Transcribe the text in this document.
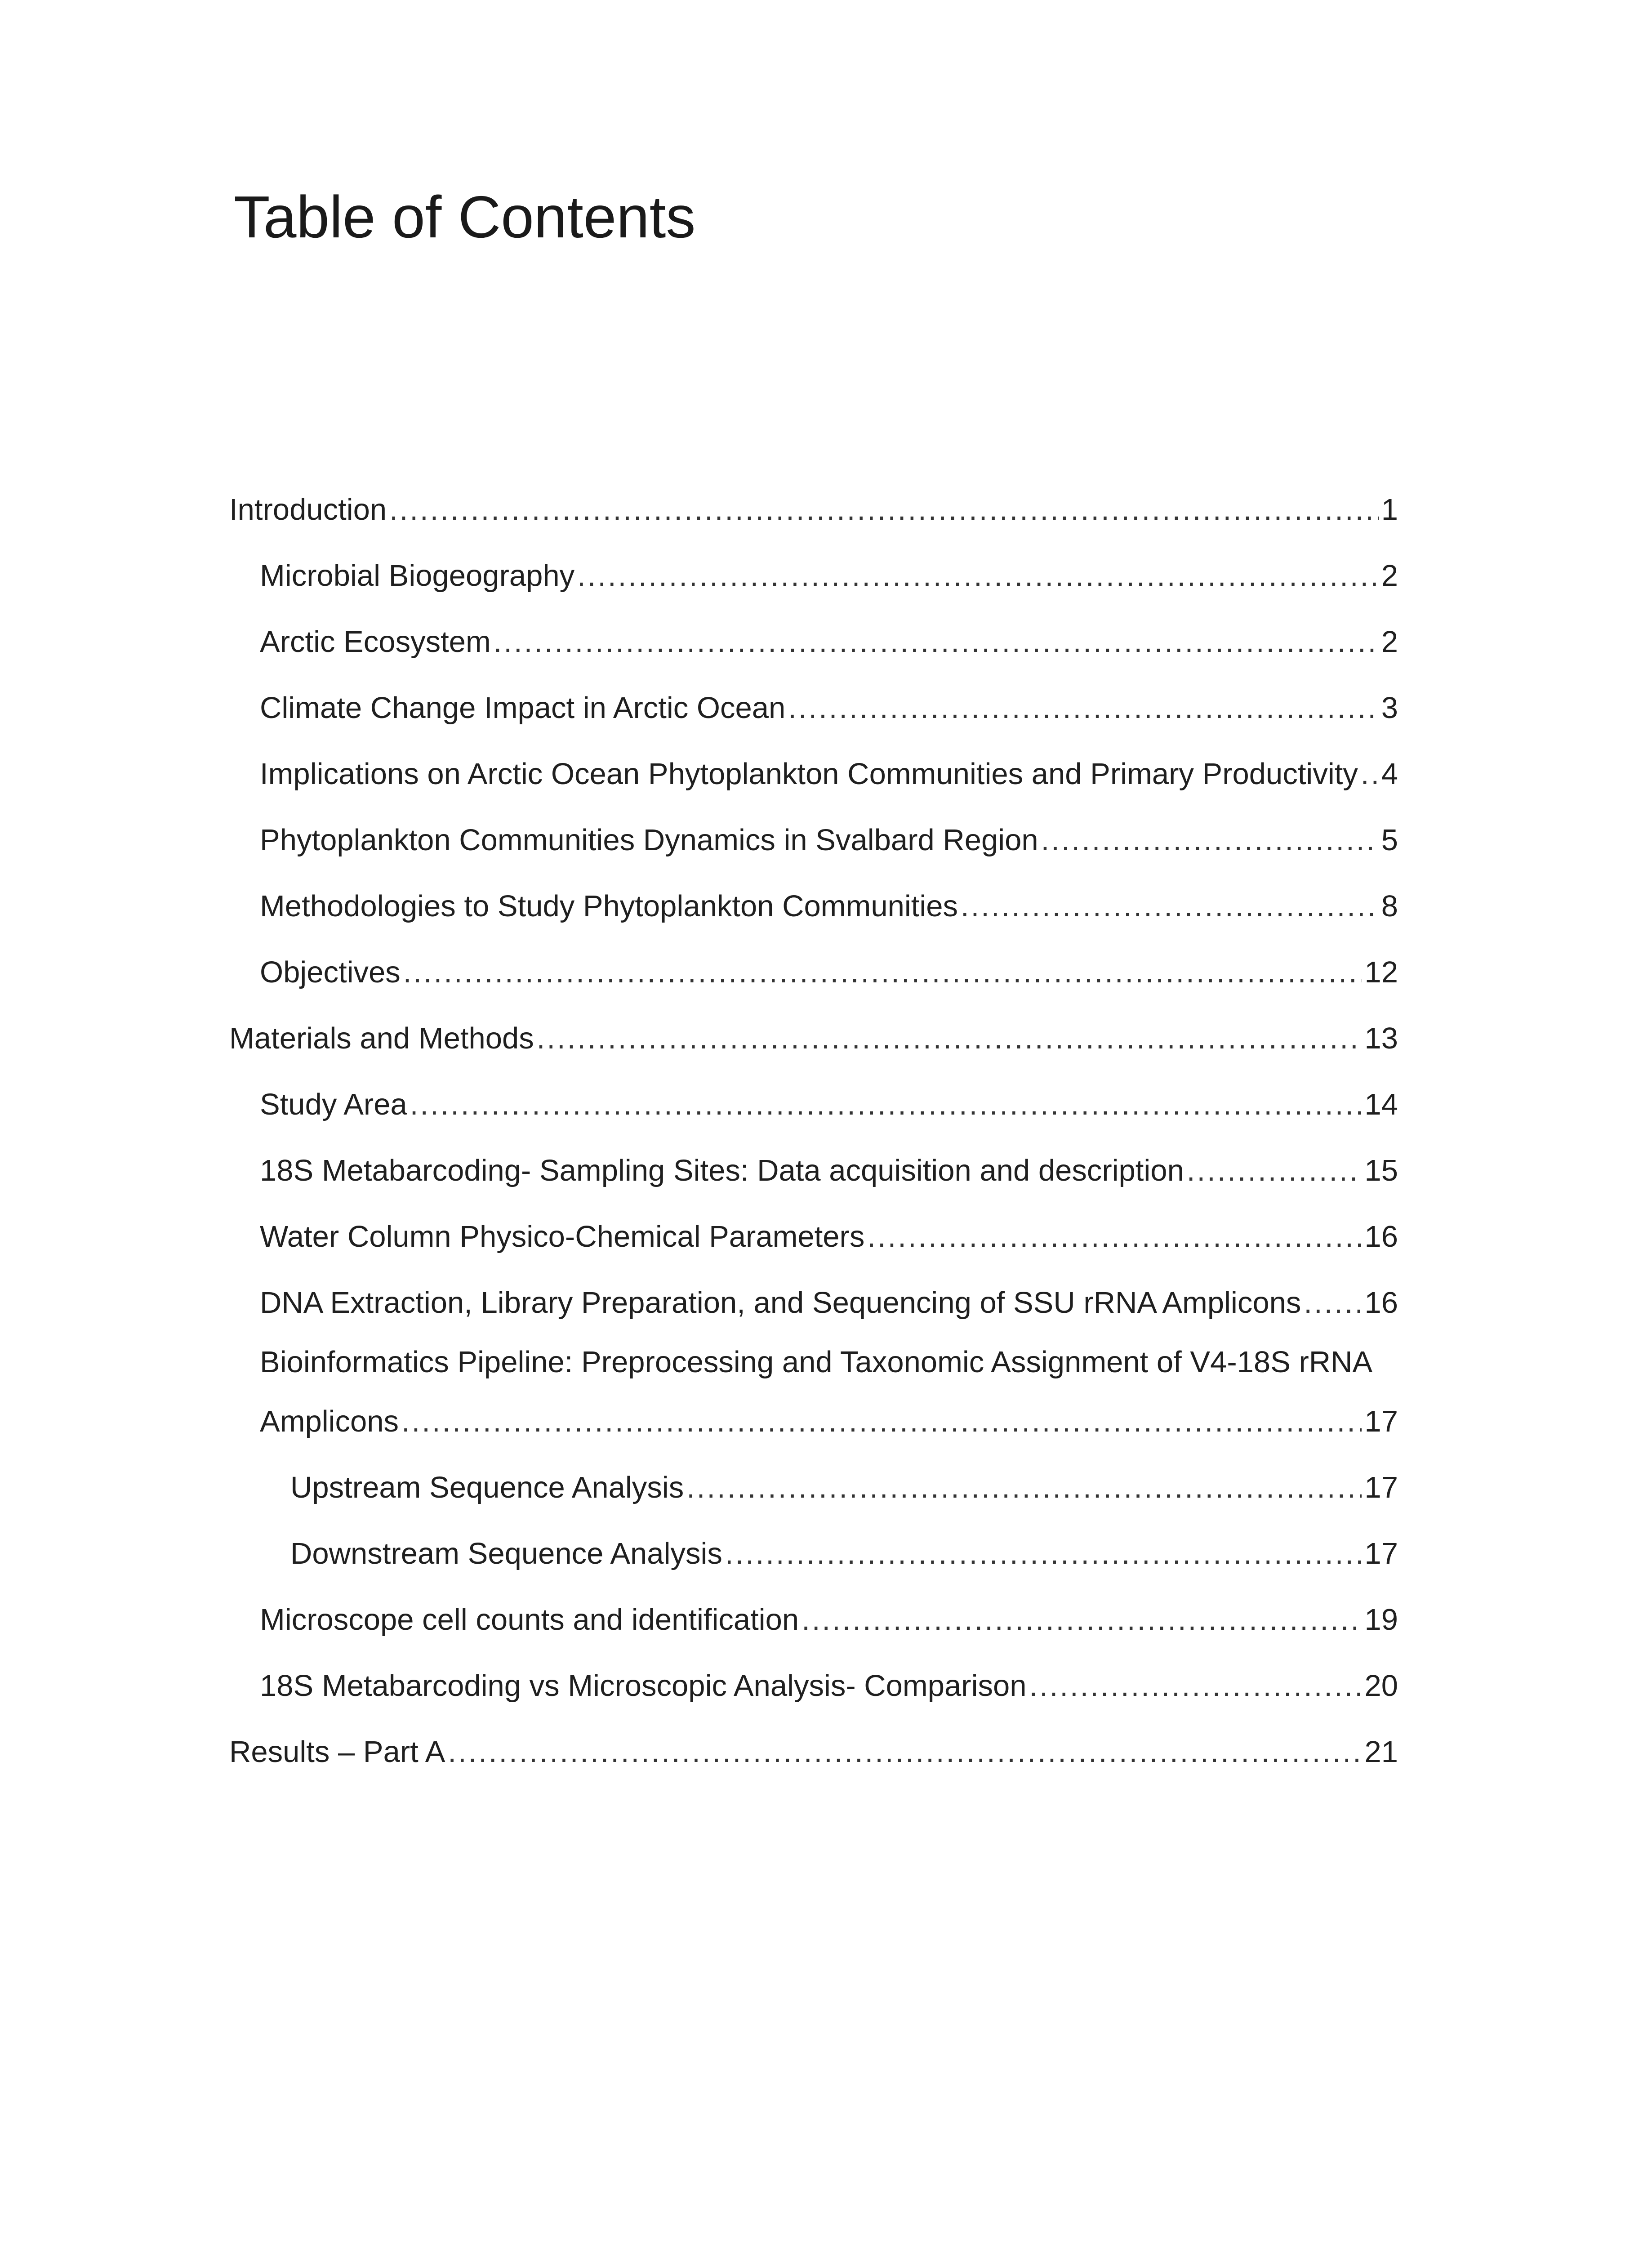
Table of Contents
Introduction .....	1
Microbial Biogeography .....	2
Arctic Ecosystem .....	2
Climate Change Impact in Arctic Ocean .....	3
Implications on Arctic Ocean Phytoplankton Communities and Primary Productivity ..... 4
Phytoplankton Communities Dynamics in Svalbard Region .....	5
Methodologies to Study Phytoplankton Communities .....	8
Objectives .....	12
Materials and Methods .....	13
Study Area .....	14
18S Metabarcoding- Sampling Sites: Data acquisition and description .....	15
Water Column Physico-Chemical Parameters .....	16
DNA Extraction, Library Preparation, and Sequencing of SSU rRNA Amplicons ..... 16
Bioinformatics Pipeline: Preprocessing and Taxonomic Assignment of V4-18S rRNA
Amplicons .....	17
Upstream Sequence Analysis .....	17
Downstream Sequence Analysis .....	17
Microscope cell counts and identification .....	19
18S Metabarcoding vs Microscopic Analysis- Comparison .....	20
Results – Part A .....	21
